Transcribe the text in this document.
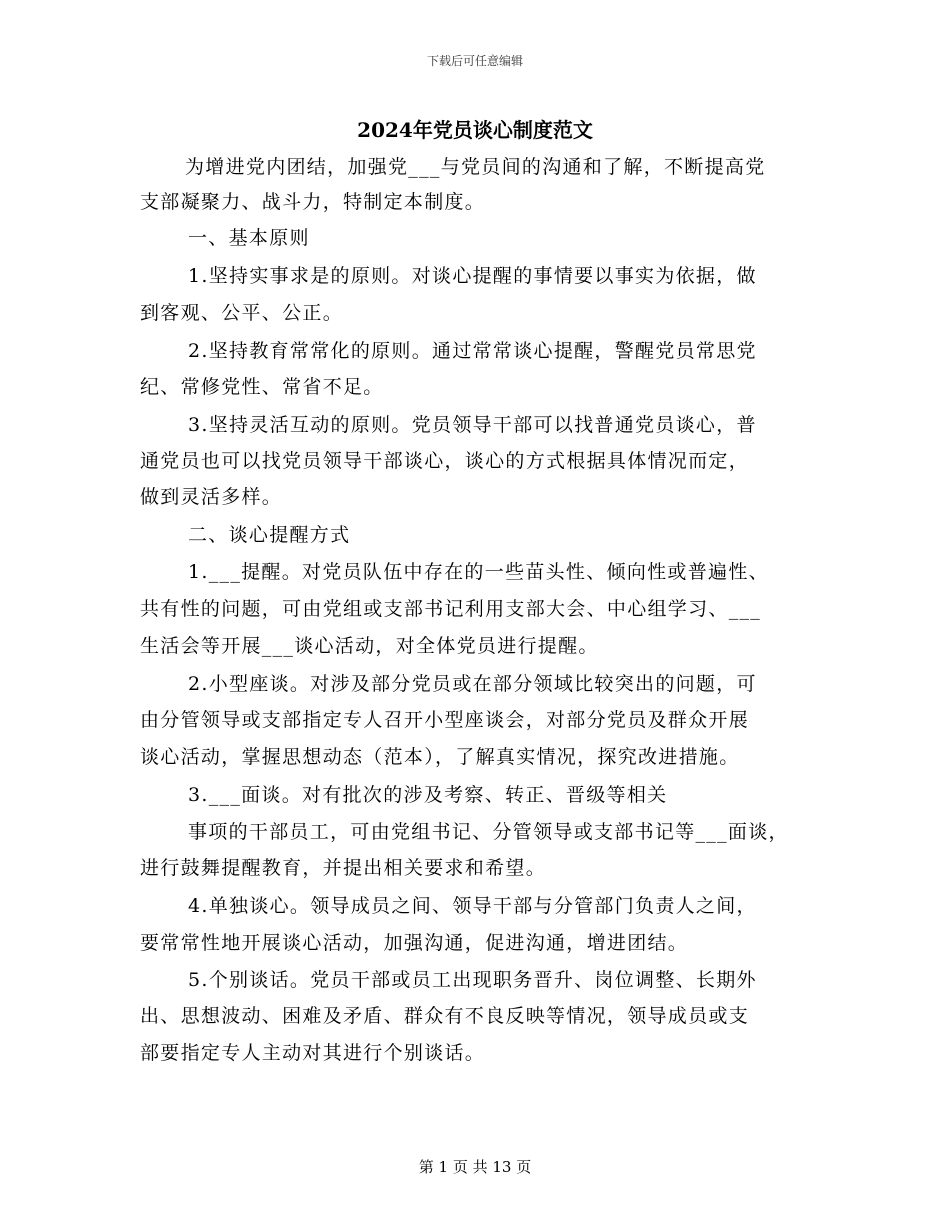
下载后可任意编辑
2024年党员谈心制度范文
为增进党内团结，加强党___与党员间的沟通和了解，不断提高党
支部凝聚力、战斗力，特制定本制度。
一、基本原则
1.坚持实事求是的原则。对谈心提醒的事情要以事实为依据，做
到客观、公平、公正。
2.坚持教育常常化的原则。通过常常谈心提醒，警醒党员常思党
纪、常修党性、常省不足。
3.坚持灵活互动的原则。党员领导干部可以找普通党员谈心，普
通党员也可以找党员领导干部谈心，谈心的方式根据具体情况而定，
做到灵活多样。
二、谈心提醒方式
1.___提醒。对党员队伍中存在的一些苗头性、倾向性或普遍性、
共有性的问题，可由党组或支部书记利用支部大会、中心组学习、___
生活会等开展___谈心活动，对全体党员进行提醒。
2.小型座谈。对涉及部分党员或在部分领域比较突出的问题，可
由分管领导或支部指定专人召开小型座谈会，对部分党员及群众开展
谈心活动，掌握思想动态（范本），了解真实情况，探究改进措施。
3.___面谈。对有批次的涉及考察、转正、晋级等相关
事项的干部员工，可由党组书记、分管领导或支部书记等___面谈，
进行鼓舞提醒教育，并提出相关要求和希望。
4.单独谈心。领导成员之间、领导干部与分管部门负责人之间，
要常常性地开展谈心活动，加强沟通，促进沟通，增进团结。
5.个别谈话。党员干部或员工出现职务晋升、岗位调整、长期外
出、思想波动、困难及矛盾、群众有不良反映等情况，领导成员或支
部要指定专人主动对其进行个别谈话。
第 1 页 共 13 页
